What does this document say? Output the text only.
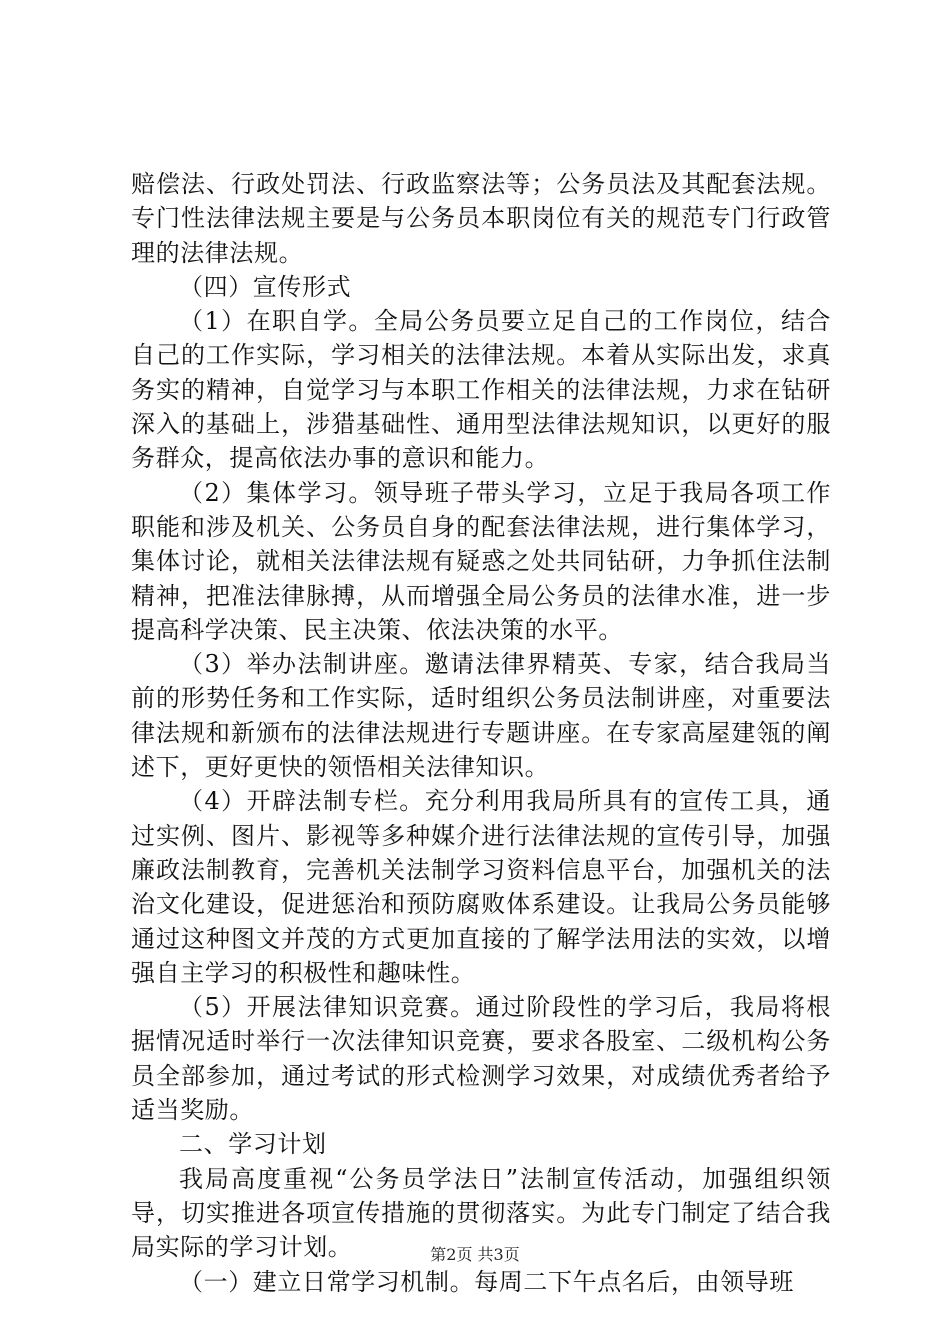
赔偿法、行政处罚法、行政监察法等；公务员法及其配套法规。专门性法律法规主要是与公务员本职岗位有关的规范专门行政管理的法律法规。

（四）宣传形式

（1）在职自学。全局公务员要立足自己的工作岗位，结合自己的工作实际，学习相关的法律法规。本着从实际出发，求真务实的精神，自觉学习与本职工作相关的法律法规，力求在钻研深入的基础上，涉猎基础性、通用型法律法规知识，以更好的服务群众，提高依法办事的意识和能力。

（2）集体学习。领导班子带头学习，立足于我局各项工作职能和涉及机关、公务员自身的配套法律法规，进行集体学习，集体讨论，就相关法律法规有疑惑之处共同钻研，力争抓住法制精神，把准法律脉搏，从而增强全局公务员的法律水准，进一步提高科学决策、民主决策、依法决策的水平。

（3）举办法制讲座。邀请法律界精英、专家，结合我局当前的形势任务和工作实际，适时组织公务员法制讲座，对重要法律法规和新颁布的法律法规进行专题讲座。在专家高屋建瓴的阐述下，更好更快的领悟相关法律知识。

（4）开辟法制专栏。充分利用我局所具有的宣传工具，通过实例、图片、影视等多种媒介进行法律法规的宣传引导，加强廉政法制教育，完善机关法制学习资料信息平台，加强机关的法治文化建设，促进惩治和预防腐败体系建设。让我局公务员能够通过这种图文并茂的方式更加直接的了解学法用法的实效，以增强自主学习的积极性和趣味性。

（5）开展法律知识竞赛。通过阶段性的学习后，我局将根据情况适时举行一次法律知识竞赛，要求各股室、二级机构公务员全部参加，通过考试的形式检测学习效果，对成绩优秀者给予适当奖励。

二、学习计划

我局高度重视“公务员学法日”法制宣传活动，加强组织领导，切实推进各项宣传措施的贯彻落实。为此专门制定了结合我局实际的学习计划。

（一）建立日常学习机制。每周二下午点名后，由领导班

第2页 共3页
